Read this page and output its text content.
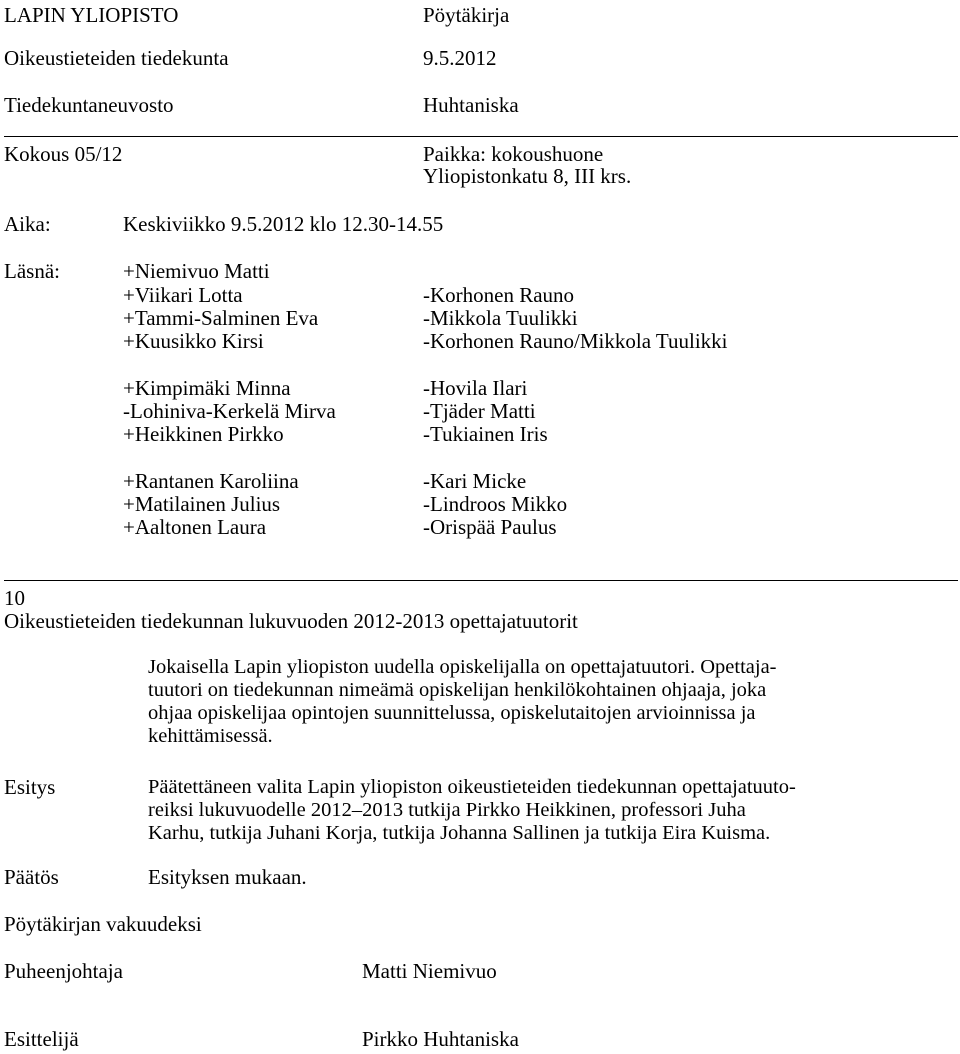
LAPIN YLIOPISTO	Pöytäkirja
Oikeustieteiden tiedekunta	9.5.2012
Tiedekuntaneuvosto	Huhtaniska
Kokous 05/12	Paikka: kokoushuone
Yliopistonkatu 8, III krs.
Aika:	Keskiviikko 9.5.2012 klo 12.30-14.55
Läsnä:	+Niemivuo Matti
+Viikari Lotta	-Korhonen Rauno
+Tammi-Salminen Eva	-Mikkola Tuulikki
+Kuusikko Kirsi	-Korhonen Rauno/Mikkola Tuulikki
+Kimpimäki Minna	-Hovila Ilari
-Lohiniva-Kerkelä Mirva	-Tjäder Matti
+Heikkinen Pirkko	-Tukiainen Iris
+Rantanen Karoliina	-Kari Micke
+Matilainen Julius	-Lindroos Mikko
+Aaltonen Laura	-Orispää Paulus
10
Oikeustieteiden tiedekunnan lukuvuoden 2012-2013 opettajatuutorit
Jokaisella Lapin yliopiston uudella opiskelijalla on opettajatuutori. Opettaja-
tuutori on tiedekunnan nimeämä opiskelijan henkilökohtainen ohjaaja, joka
ohjaa opiskelijaa opintojen suunnittelussa, opiskelutaitojen arvioinnissa ja
kehittämisessä.
Esitys	Päätettäneen valita Lapin yliopiston oikeustieteiden tiedekunnan opettajatuuto-
reiksi lukuvuodelle 2012–2013 tutkija Pirkko Heikkinen, professori Juha
Karhu, tutkija Juhani Korja, tutkija Johanna Sallinen ja tutkija Eira Kuisma.
Päätös	Esityksen mukaan.
Pöytäkirjan vakuudeksi
Puheenjohtaja	Matti Niemivuo
Esittelijä	Pirkko Huhtaniska
